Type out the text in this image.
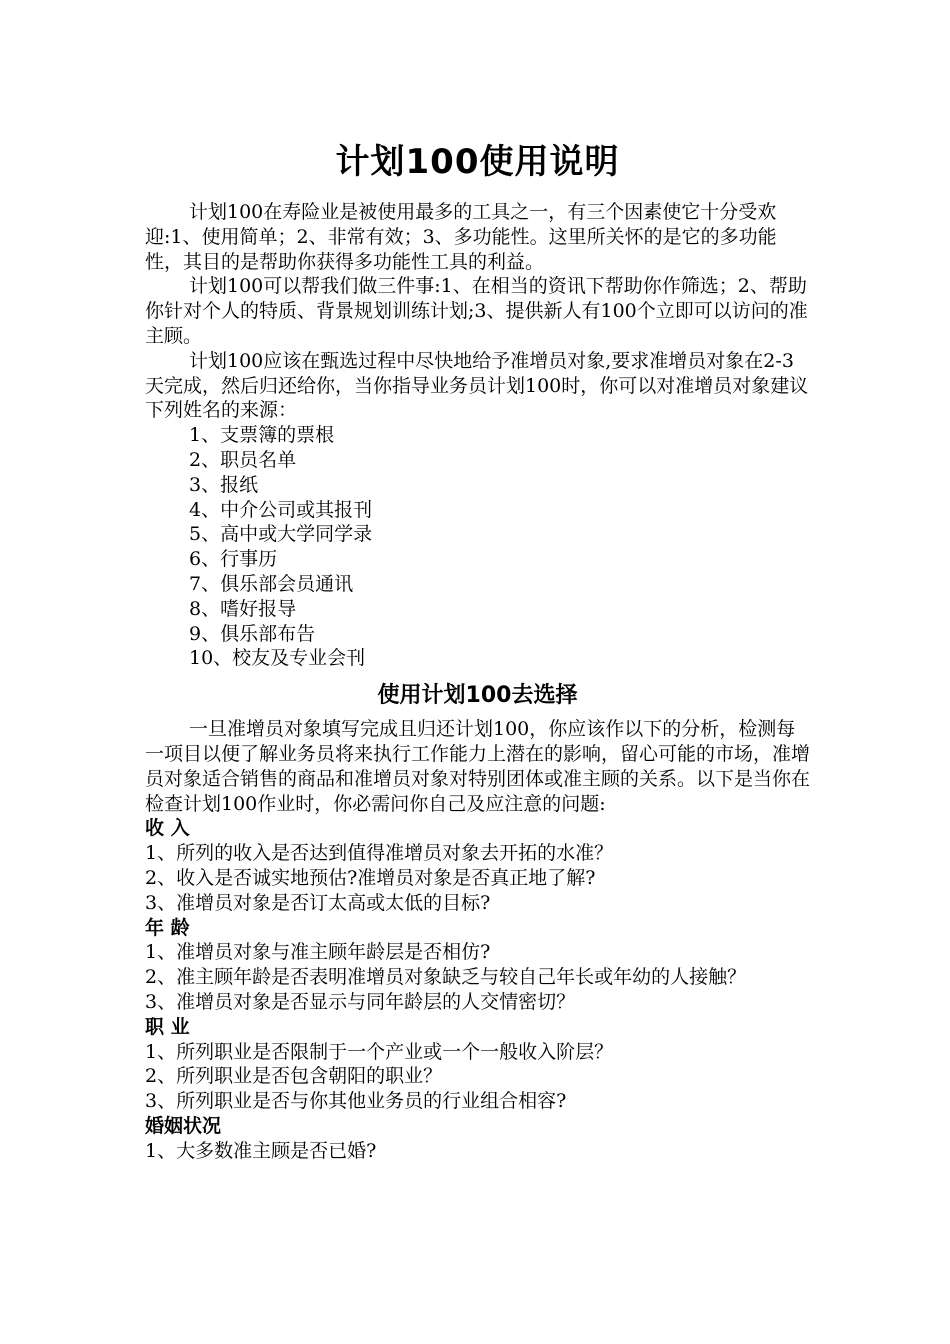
计划100使用说明

计划100在寿险业是被使用最多的工具之一，有三个因素使它十分受欢迎:1、使用简单；2、非常有效；3、多功能性。这里所关怀的是它的多功能性，其目的是帮助你获得多功能性工具的利益。

计划100可以帮我们做三件事:1、在相当的资讯下帮助你作筛选；2、帮助你针对个人的特质、背景规划训练计划;3、提供新人有100个立即可以访问的准主顾。

计划100应该在甄选过程中尽快地给予准增员对象,要求准增员对象在2-3天完成，然后归还给你，当你指导业务员计划100时，你可以对准增员对象建议下列姓名的来源：

1、支票簿的票根
2、职员名单
3、报纸
4、中介公司或其报刊
5、高中或大学同学录
6、行事历
7、俱乐部会员通讯
8、嗜好报导
9、俱乐部布告
10、校友及专业会刊
使用计划100去选择

一旦准增员对象填写完成且归还计划100，你应该作以下的分析，检测每一项目以便了解业务员将来执行工作能力上潜在的影响，留心可能的市场，准增员对象适合销售的商品和准增员对象对特别团体或准主顾的关系。以下是当你在检查计划100作业时，你必需问你自己及应注意的问题:

收 入

1、所列的收入是否达到值得准增员对象去开拓的水准？

2、收入是否诚实地预估?准增员对象是否真正地了解?

3、准增员对象是否订太高或太低的目标?

年 龄

1、准增员对象与准主顾年龄层是否相仿?

2、准主顾年龄是否表明准增员对象缺乏与较自己年长或年幼的人接触？

3、准增员对象是否显示与同年龄层的人交情密切？

职 业

1、所列职业是否限制于一个产业或一个一般收入阶层？

2、所列职业是否包含朝阳的职业？

3、所列职业是否与你其他业务员的行业组合相容?

婚姻状况

1、大多数准主顾是否已婚?
